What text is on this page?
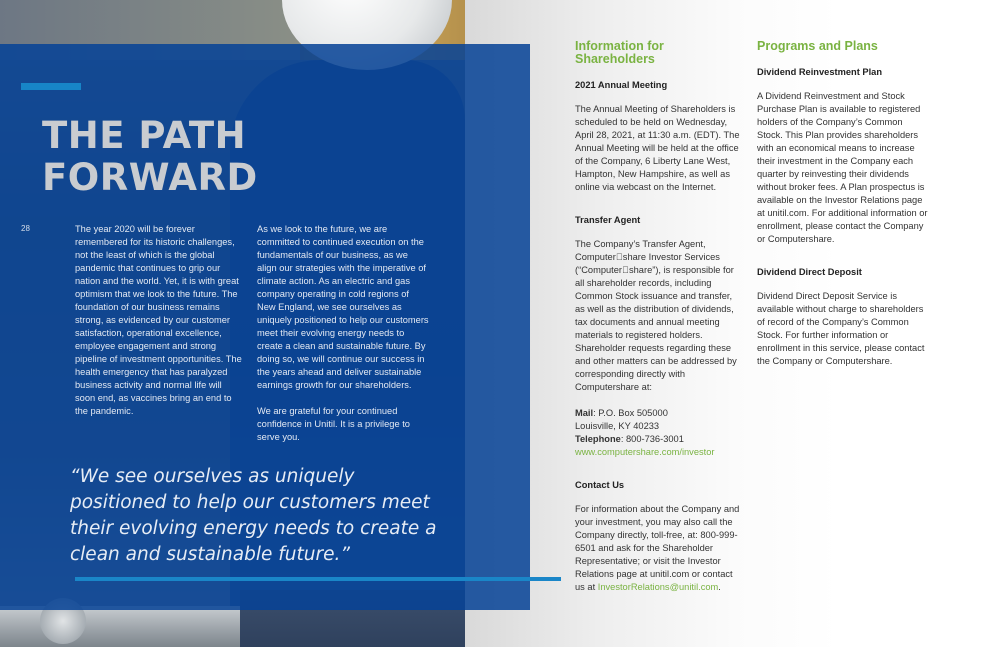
THE PATH
FORWARD
28	The year 2020 will be forever remembered for its historic challenges, not the least of which is the global pandemic that continues to grip our nation and the world. Yet, it is with great optimism that we look to the future. The foundation of our business remains strong, as evidenced by our customer satisfaction, operational excellence, employee engagement and strong pipeline of investment opportunities. The health emergency that has paralyzed business activity and normal life will soon end, as vaccines bring an end to the pandemic.

As we look to the future, we are committed to continued execution on the fundamentals of our business, as we align our strategies with the imperative of climate action. As an electric and gas company operating in cold regions of New England, we see ourselves as uniquely positioned to help our customers meet their evolving energy needs to create a clean and sustainable future. By doing so, we will continue our success in the years ahead and deliver sustainable earnings growth for our shareholders.

We are grateful for your continued confidence in Unitil. It is a privilege to serve you.

“We see ourselves as uniquely positioned to help our customers meet their evolving energy needs to create a clean and sustainable future.”
Information for Shareholders
2021 Annual Meeting

The Annual Meeting of Shareholders is scheduled to be held on Wednesday, April 28, 2021, at 11:30 a.m. (EDT). The Annual Meeting will be held at the office of the Company, 6 Liberty Lane West, Hampton, New Hampshire, as well as online via webcast on the Internet.

Transfer Agent

The Company’s Transfer Agent, Computer￾share Investor Services (“Computer￾share”), is responsible for all shareholder records, including Common Stock issuance and transfer, as well as the distribution of dividends, tax documents and annual meeting materials to registered holders. Shareholder requests regarding these and other matters can be addressed by corresponding directly with Computershare at:

Mail: P.O. Box 505000

Louisville, KY 40233

Telephone: 800-736-3001

www.computershare.com/investor

Contact Us

For information about the Company and your investment, you may also call the Company directly, toll-free, at: 800-999-6501 and ask for the Shareholder Representative; or visit the Investor Relations page at unitil.com or contact us at InvestorRelations@unitil.com.

Programs and Plans
Dividend Reinvestment Plan

A Dividend Reinvestment and Stock Purchase Plan is available to registered holders of the Company’s Common Stock. This Plan provides shareholders with an economical means to increase their investment in the Company each quarter by reinvesting their dividends without broker fees. A Plan prospectus is available on the Investor Relations page at unitil.com. For additional information or enrollment, please contact the Company or Computershare.

Dividend Direct Deposit

Dividend Direct Deposit Service is available without charge to shareholders of record of the Company’s Common Stock. For further information or enrollment in this service, please contact the Company or Computershare.
